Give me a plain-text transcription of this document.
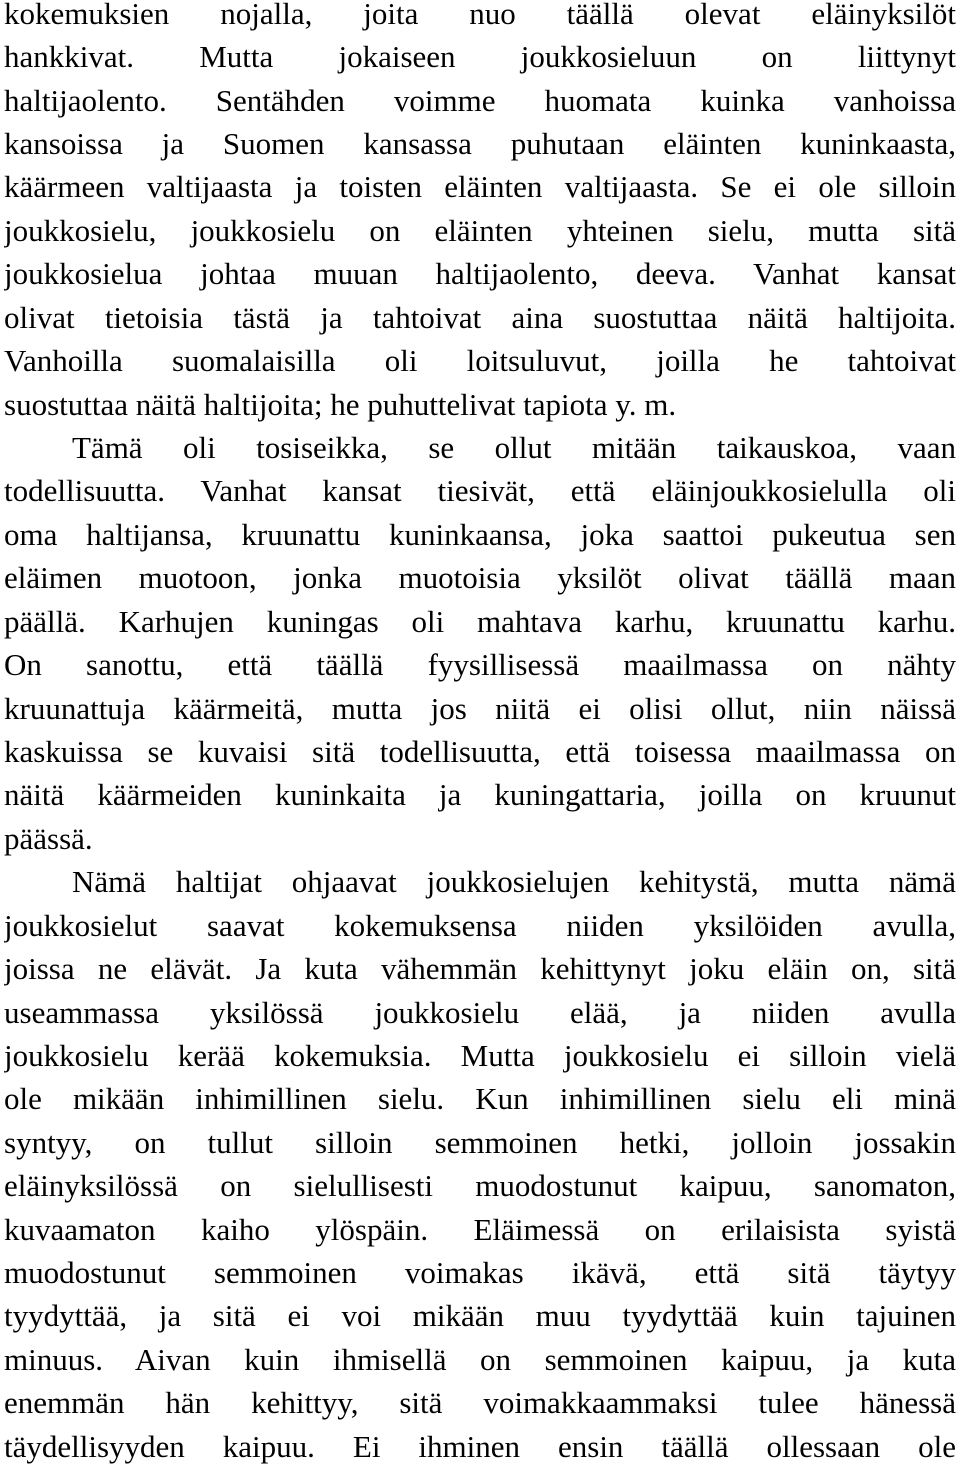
kokemuksien nojalla, joita nuo täällä olevat eläinyksilöt
hankkivat. Mutta jokaiseen joukkosieluun on liittynyt
haltijaolento. Sentähden voimme huomata kuinka vanhoissa
kansoissa ja Suomen kansassa puhutaan eläinten kuninkaasta,
käärmeen valtijaasta ja toisten eläinten valtijaasta. Se ei ole silloin
joukkosielu, joukkosielu on eläinten yhteinen sielu, mutta sitä
joukkosielua johtaa muuan haltijaolento, deeva. Vanhat kansat
olivat tietoisia tästä ja tahtoivat aina suostuttaa näitä haltijoita.
Vanhoilla suomalaisilla oli loitsuluvut, joilla he tahtoivat
suostuttaa näitä haltijoita; he puhuttelivat tapiota y. m.
Tämä oli tosiseikka, se ollut mitään taikauskoa, vaan
todellisuutta. Vanhat kansat tiesivät, että eläinjoukkosielulla oli
oma haltijansa, kruunattu kuninkaansa, joka saattoi pukeutua sen
eläimen muotoon, jonka muotoisia yksilöt olivat täällä maan
päällä. Karhujen kuningas oli mahtava karhu, kruunattu karhu.
On sanottu, että täällä fyysillisessä maailmassa on nähty
kruunattuja käärmeitä, mutta jos niitä ei olisi ollut, niin näissä
kaskuissa se kuvaisi sitä todellisuutta, että toisessa maailmassa on
näitä käärmeiden kuninkaita ja kuningattaria, joilla on kruunut
päässä.
Nämä haltijat ohjaavat joukkosielujen kehitystä, mutta nämä
joukkosielut saavat kokemuksensa niiden yksilöiden avulla,
joissa ne elävät. Ja kuta vähemmän kehittynyt joku eläin on, sitä
useammassa yksilössä joukkosielu elää, ja niiden avulla
joukkosielu kerää kokemuksia. Mutta joukkosielu ei silloin vielä
ole mikään inhimillinen sielu. Kun inhimillinen sielu eli minä
syntyy, on tullut silloin semmoinen hetki, jolloin jossakin
eläinyksilössä on sielullisesti muodostunut kaipuu, sanomaton,
kuvaamaton kaiho ylöspäin. Eläimessä on erilaisista syistä
muodostunut semmoinen voimakas ikävä, että sitä täytyy
tyydyttää, ja sitä ei voi mikään muu tyydyttää kuin tajuinen
minuus. Aivan kuin ihmisellä on semmoinen kaipuu, ja kuta
enemmän hän kehittyy, sitä voimakkaammaksi tulee hänessä
täydellisyyden kaipuu. Ei ihminen ensin täällä ollessaan ole
